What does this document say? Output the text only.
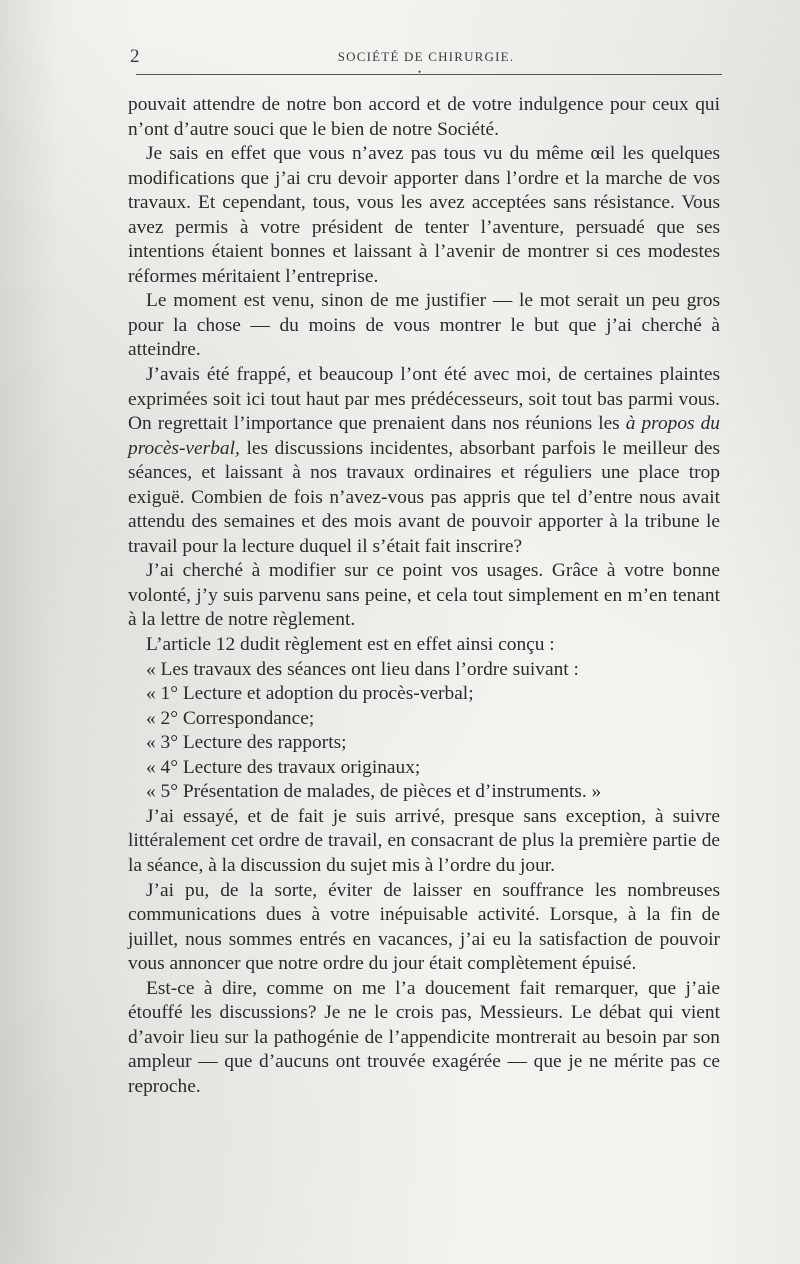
2	SOCIÉTÉ DE CHIRURGIE.
•

pouvait attendre de notre bon accord et de votre indulgence pour ceux qui n’ont d’autre souci que le bien de notre Société.

Je sais en effet que vous n’avez pas tous vu du même œil les quelques modifications que j’ai cru devoir apporter dans l’ordre et la marche de vos travaux. Et cependant, tous, vous les avez acceptées sans résistance. Vous avez permis à votre président de tenter l’aventure, persuadé que ses intentions étaient bonnes et laissant à l’avenir de montrer si ces modestes réformes méritaient l’entreprise.

Le moment est venu, sinon de me justifier — le mot serait un peu gros pour la chose — du moins de vous montrer le but que j’ai cherché à atteindre.

J’avais été frappé, et beaucoup l’ont été avec moi, de certaines plaintes exprimées soit ici tout haut par mes prédécesseurs, soit tout bas parmi vous. On regrettait l’importance que prenaient dans nos réunions les à propos du procès-verbal, les discussions incidentes, absorbant parfois le meilleur des séances, et laissant à nos travaux ordinaires et réguliers une place trop exiguë. Combien de fois n’avez-vous pas appris que tel d’entre nous avait attendu des semaines et des mois avant de pouvoir apporter à la tribune le travail pour la lecture duquel il s’était fait inscrire?

J’ai cherché à modifier sur ce point vos usages. Grâce à votre bonne volonté, j’y suis parvenu sans peine, et cela tout simplement en m’en tenant à la lettre de notre règlement.

L’article 12 dudit règlement est en effet ainsi conçu :

« Les travaux des séances ont lieu dans l’ordre suivant :

« 1° Lecture et adoption du procès-verbal;

« 2° Correspondance;

« 3° Lecture des rapports;

« 4° Lecture des travaux originaux;

« 5° Présentation de malades, de pièces et d’instruments. »

J’ai essayé, et de fait je suis arrivé, presque sans exception, à suivre littéralement cet ordre de travail, en consacrant de plus la première partie de la séance, à la discussion du sujet mis à l’ordre du jour.

J’ai pu, de la sorte, éviter de laisser en souffrance les nombreuses communications dues à votre inépuisable activité. Lorsque, à la fin de juillet, nous sommes entrés en vacances, j’ai eu la satisfaction de pouvoir vous annoncer que notre ordre du jour était complètement épuisé.

Est-ce à dire, comme on me l’a doucement fait remarquer, que j’aie étouffé les discussions? Je ne le crois pas, Messieurs. Le débat qui vient d’avoir lieu sur la pathogénie de l’appendicite montrerait au besoin par son ampleur — que d’aucuns ont trouvée exagérée — que je ne mérite pas ce reproche.
